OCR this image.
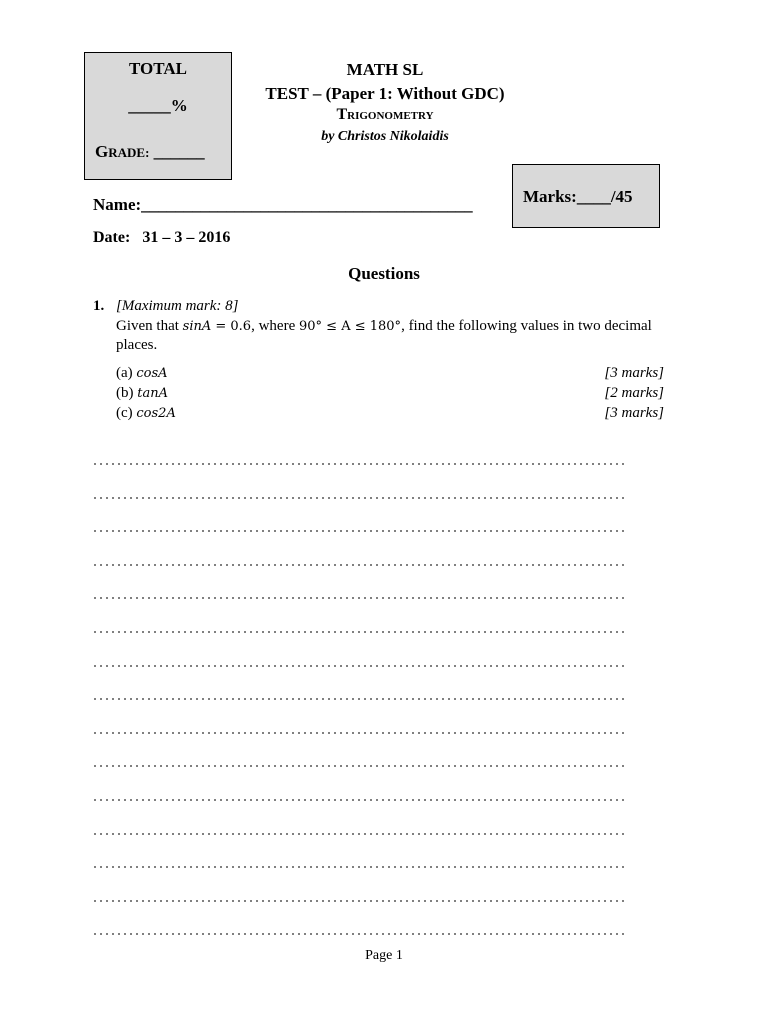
TOTAL
_____%
GRADE: ______
MATH SL
TEST – (Paper 1: Without GDC)
Trigonometry
by Christos Nikolaidis
Marks:____/45
Name:_______________________________________
Date: 31 – 3 – 2016
Questions
1. [Maximum mark: 8]
Given that sinA = 0.6, where 90° ≤ A ≤ 180°, find the following values in two decimal
places.
(a) cosA	[3 marks]
(b) tanA	[2 marks]
(c) cos2A	[3 marks]
Page 1
